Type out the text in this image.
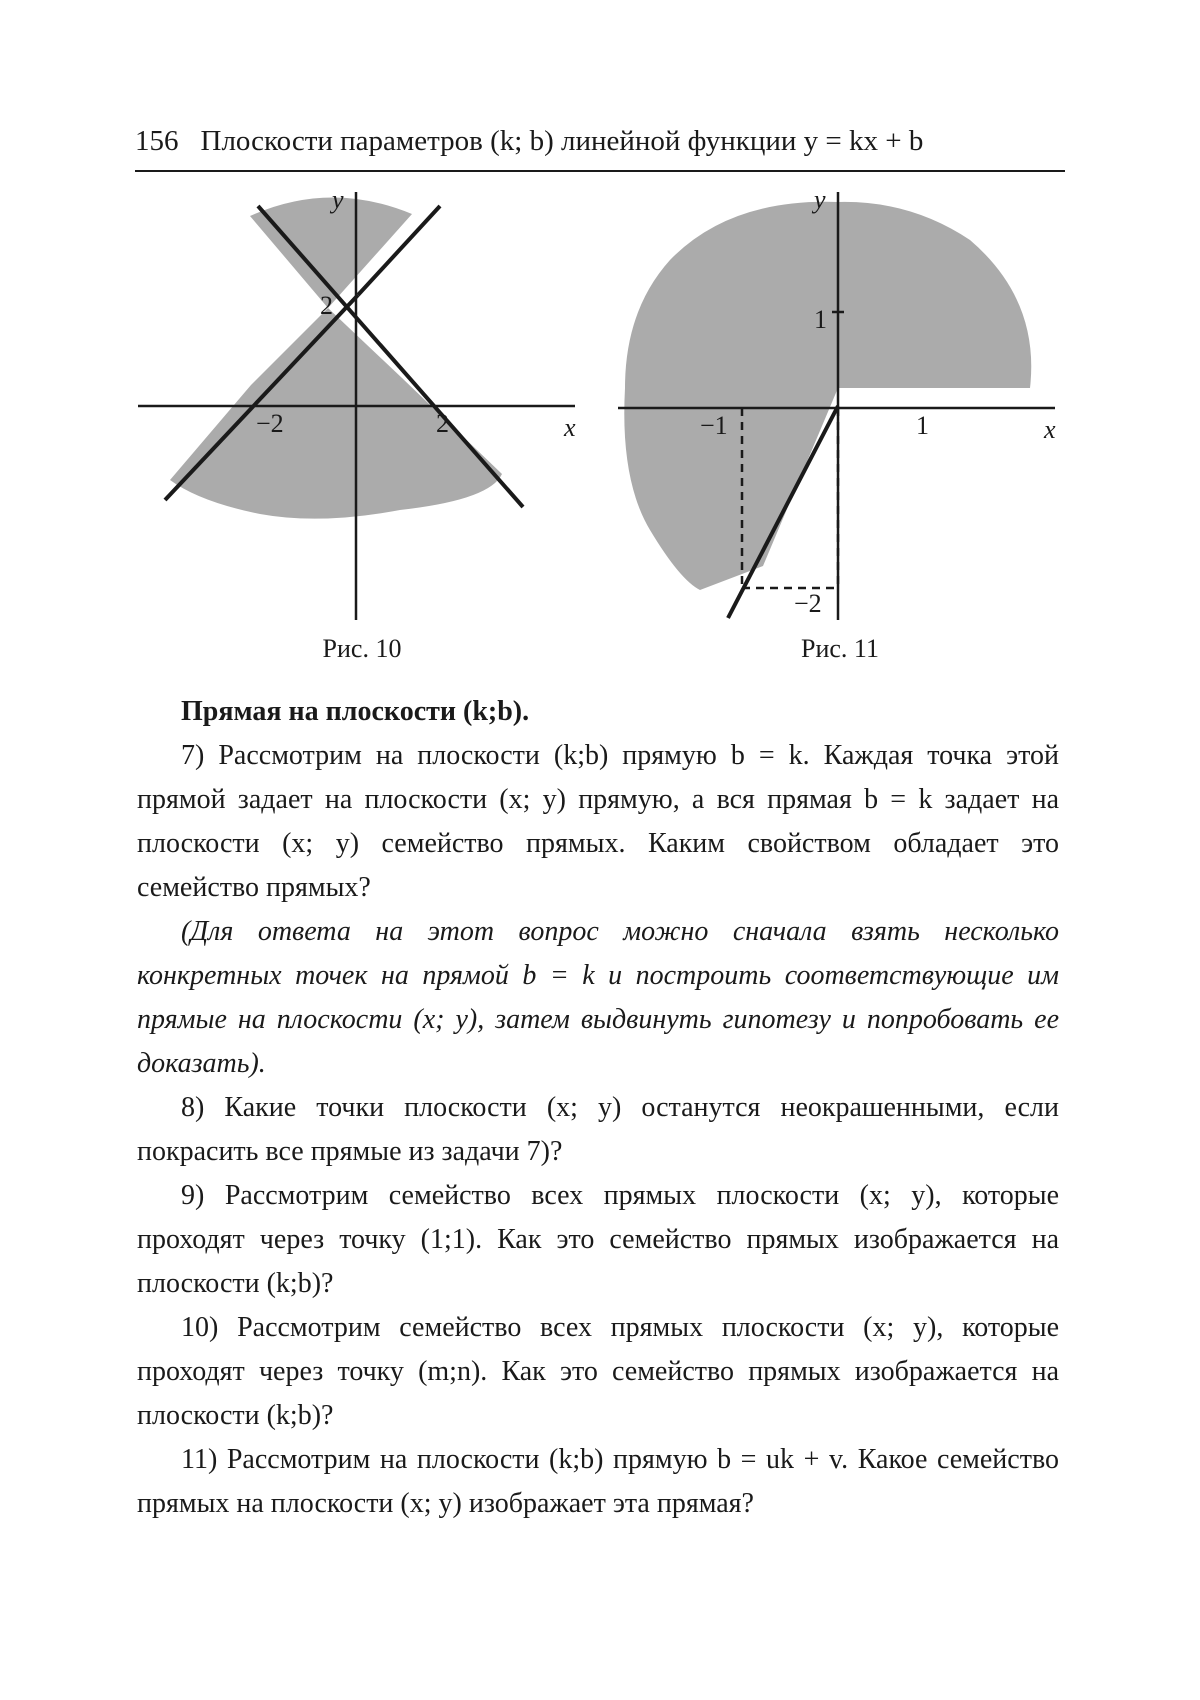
156 Плоскости параметров (k; b) линейной функции y = kx + b
x
y
−2	2
2
Рис. 10
x
y
−1	1
1
−2
Рис. 11

Прямая на плоскости (k;b).

7) Рассмотрим на плоскости (k;b) прямую b = k. Каждая точка этой прямой задает на плоскости (x; y) прямую, а вся прямая b = k задает на плоскости (x; y) семейство прямых. Каким свойством обладает это семейство прямых?

(Для ответа на этот вопрос можно сначала взять несколько конкретных точек на прямой b = k и построить соответствующие им прямые на плоскости (x; y), затем выдвинуть гипотезу и попробовать ее доказать).

8) Какие точки плоскости (x; y) останутся неокрашенными, если покрасить все прямые из задачи 7)?

9) Рассмотрим семейство всех прямых плоскости (x; y), которые проходят через точку (1;1). Как это семейство прямых изображается на плоскости (k;b)?

10) Рассмотрим семейство всех прямых плоскости (x; y), которые проходят через точку (m;n). Как это семейство прямых изображается на плоскости (k;b)?

11) Рассмотрим на плоскости (k;b) прямую b = uk + v. Какое семейство прямых на плоскости (x; y) изображает эта прямая?
